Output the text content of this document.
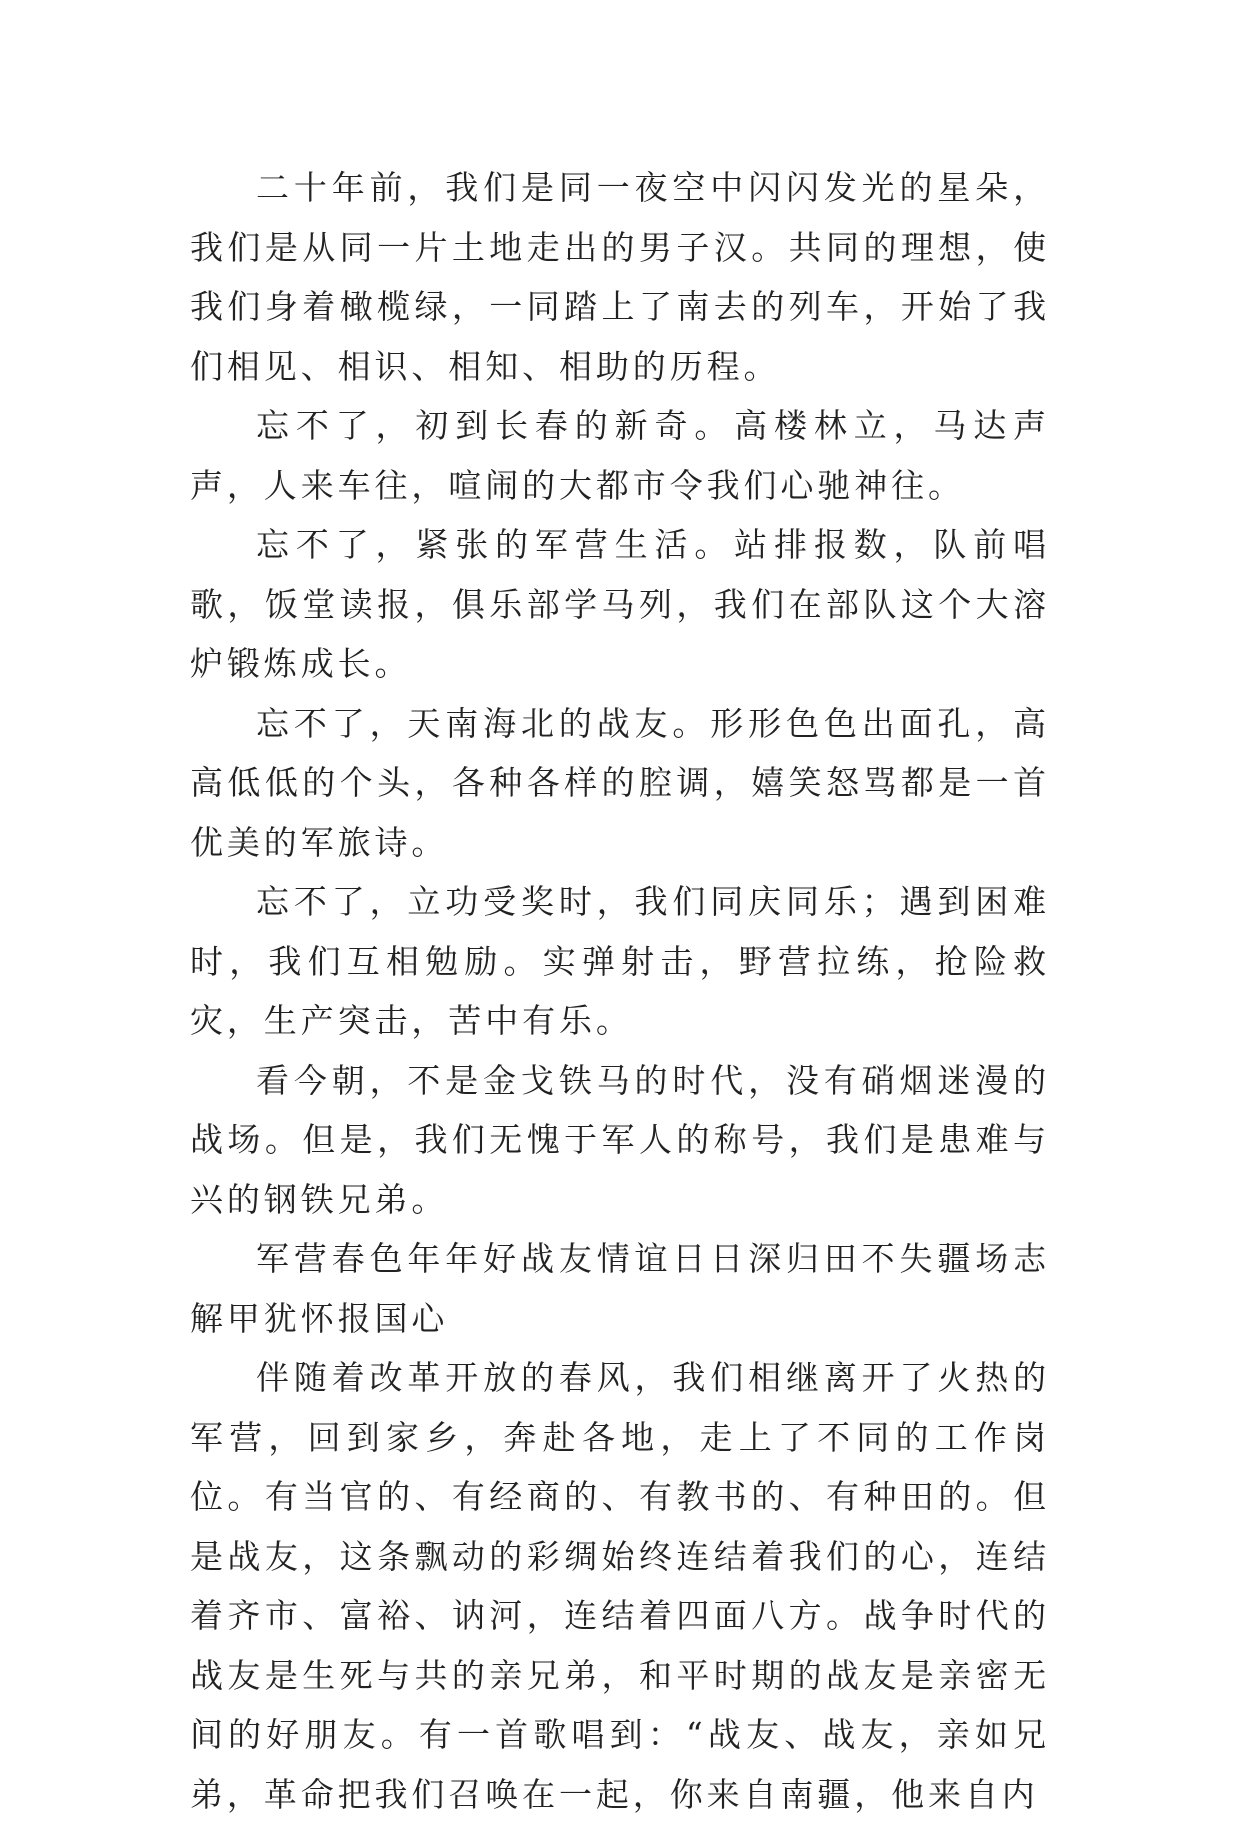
二十年前，我们是同一夜空中闪闪发光的星朵，我们是从同一片土地走出的男子汉。共同的理想，使我们身着橄榄绿，一同踏上了南去的列车，开始了我们相见、相识、相知、相助的历程。

忘不了，初到长春的新奇。高楼林立，马达声声，人来车往，喧闹的大都市令我们心驰神往。

忘不了，紧张的军营生活。站排报数，队前唱歌，饭堂读报，俱乐部学马列，我们在部队这个大溶炉锻炼成长。

忘不了，天南海北的战友。形形色色出面孔，高高低低的个头，各种各样的腔调，嬉笑怒骂都是一首优美的军旅诗。

忘不了，立功受奖时，我们同庆同乐；遇到困难时，我们互相勉励。实弹射击，野营拉练，抢险救灾，生产突击，苦中有乐。

看今朝，不是金戈铁马的时代，没有硝烟迷漫的战场。但是，我们无愧于军人的称号，我们是患难与兴的钢铁兄弟。

军营春色年年好战友情谊日日深归田不失疆场志解甲犹怀报国心

伴随着改革开放的春风，我们相继离开了火热的军营，回到家乡，奔赴各地，走上了不同的工作岗位。有当官的、有经商的、有教书的、有种田的。但是战友，这条飘动的彩绸始终连结着我们的心，连结着齐市、富裕、讷河，连结着四面八方。战争时代的战友是生死与共的亲兄弟，和平时期的战友是亲密无间的好朋友。有一首歌唱到：“战友、战友，亲如兄弟，革命把我们召唤在一起，你来自南疆，他来自内
